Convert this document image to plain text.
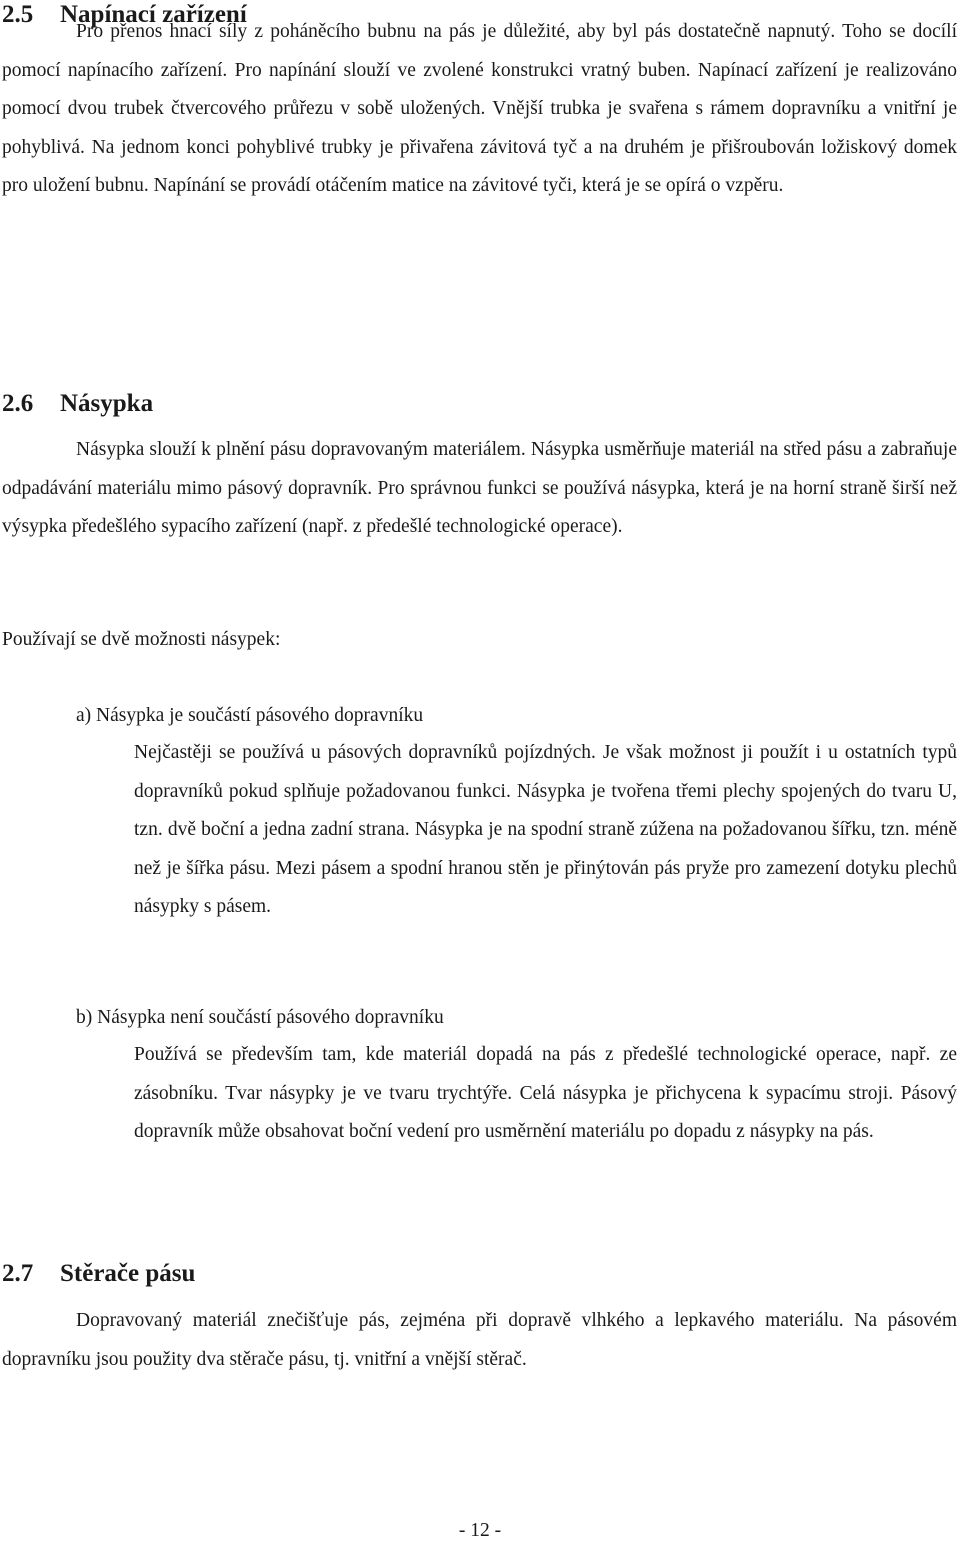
2.5 Napínací zařízení

Pro přenos hnací síly z poháněcího bubnu na pás je důležité, aby byl pás dostatečně napnutý. Toho se docílí pomocí napínacího zařízení. Pro napínání slouží ve zvolené konstrukci vratný buben. Napínací zařízení je realizováno pomocí dvou trubek čtvercového průřezu v sobě uložených. Vnější trubka je svařena s rámem dopravníku a vnitřní je pohyblivá. Na jednom konci pohyblivé trubky je přivařena závitová tyč a na druhém je přišroubován ložiskový domek pro uložení bubnu. Napínání se provádí otáčením matice na závitové tyči, která je se opírá o vzpěru.

2.6 Násypka

Násypka slouží k plnění pásu dopravovaným materiálem. Násypka usměrňuje materiál na střed pásu a zabraňuje odpadávání materiálu mimo pásový dopravník. Pro správnou funkci se používá násypka, která je na horní straně širší než výsypka předešlého sypacího zařízení (např. z předešlé technologické operace).

Používají se dvě možnosti násypek:

a) Násypka je součástí pásového dopravníku

Nejčastěji se používá u pásových dopravníků pojízdných. Je však možnost ji použít i u ostatních typů dopravníků pokud splňuje požadovanou funkci. Násypka je tvořena třemi plechy spojených do tvaru U, tzn. dvě boční a jedna zadní strana. Násypka je na spodní straně zúžena na požadovanou šířku, tzn. méně než je šířka pásu. Mezi pásem a spodní hranou stěn je přinýtován pás pryže pro zamezení dotyku plechů násypky s pásem.

b) Násypka není součástí pásového dopravníku

Používá se především tam, kde materiál dopadá na pás z předešlé technologické operace, např. ze zásobníku. Tvar násypky je ve tvaru trychtýře. Celá násypka je přichycena k sypacímu stroji. Pásový dopravník může obsahovat boční vedení pro usměrnění materiálu po dopadu z násypky na pás.

2.7 Stěrače pásu

Dopravovaný materiál znečišťuje pás, zejména při dopravě vlhkého a lepkavého materiálu. Na pásovém dopravníku jsou použity dva stěrače pásu, tj. vnitřní a vnější stěrač.

- 12 -
